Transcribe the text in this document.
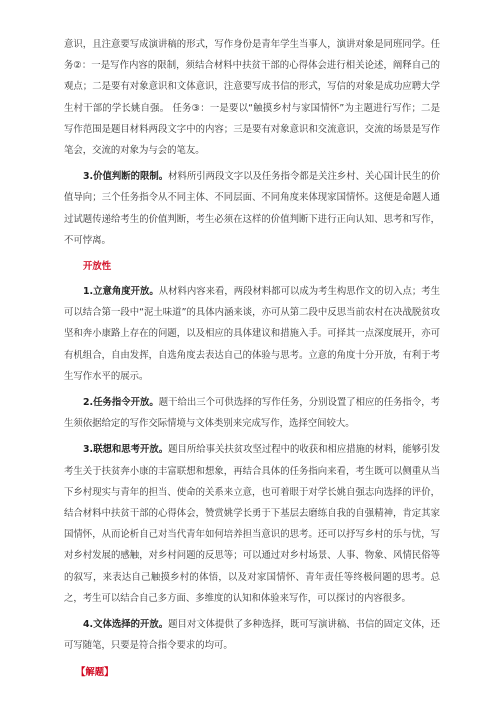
意识，且注意要写成演讲稿的形式，写作身份是青年学生当事人，演讲对象是同班同学。任务②：一是写作内容的限制，须结合材料中扶贫干部的心得体会进行相关论述，阐释自己的观点；二是要有对象意识和文体意识，注意要写成书信的形式，写信的对象是成功应聘大学生村干部的学长姚自强。 任务③：一是要以“触摸乡村与家国情怀”为主题进行写作；二是写作范围是题目材料两段文字中的内容；三是要有对象意识和交流意识，交流的场景是写作笔会，交流的对象为与会的笔友。

3.价值判断的限制。材料所引两段文字以及任务指令都是关注乡村、关心国计民生的价值导向；三个任务指令从不同主体、不同层面、不同角度来体现家国情怀。这便是命题人通过试题传递给考生的价值判断，考生必须在这样的价值判断下进行正向认知、思考和写作，不可悖离。

开放性

1.立意角度开放。从材料内容来看，两段材料都可以成为考生构思作文的切入点；考生可以结合第一段中“泥土味道”的具体内涵来谈，亦可从第二段中反思当前农村在决战脱贫攻坚和奔小康路上存在的问题，以及相应的具体建议和措施入手。可择其一点深度展开，亦可有机组合，自由发挥，自选角度去表达自己的体验与思考。立意的角度十分开放，有利于考生写作水平的展示。

2.任务指令开放。题干给出三个可供选择的写作任务，分别设置了相应的任务指令，考生须依据给定的写作交际情境与文体类别来完成写作，选择空间较大。

3.联想和思考开放。题目所给事关扶贫攻坚过程中的收获和相应措施的材料，能够引发考生关于扶贫奔小康的丰富联想和想象，再结合具体的任务指向来看，考生既可以侧重从当下乡村现实与青年的担当、使命的关系来立意，也可着眼于对学长姚自强志向选择的评价，结合材料中扶贫干部的心得体会，赞赏姚学长勇于下基层去磨练自我的自强精神，肯定其家国情怀，从而论析自己对当代青年如何培养担当意识的思考。还可以抒写乡村的乐与忧，写对乡村发展的感触，对乡村问题的反思等；可以通过对乡村场景、人事、物象、风情民俗等的叙写，来表达自己触摸乡村的体悟，以及对家国情怀、青年责任等终极问题的思考。总之，考生可以结合自己多方面、多维度的认知和体验来写作，可以探讨的内容很多。

4.文体选择的开放。题目对文体提供了多种选择，既可写演讲稿、书信的固定文体，还可写随笔，只要是符合指令要求的均可。

【解题】
